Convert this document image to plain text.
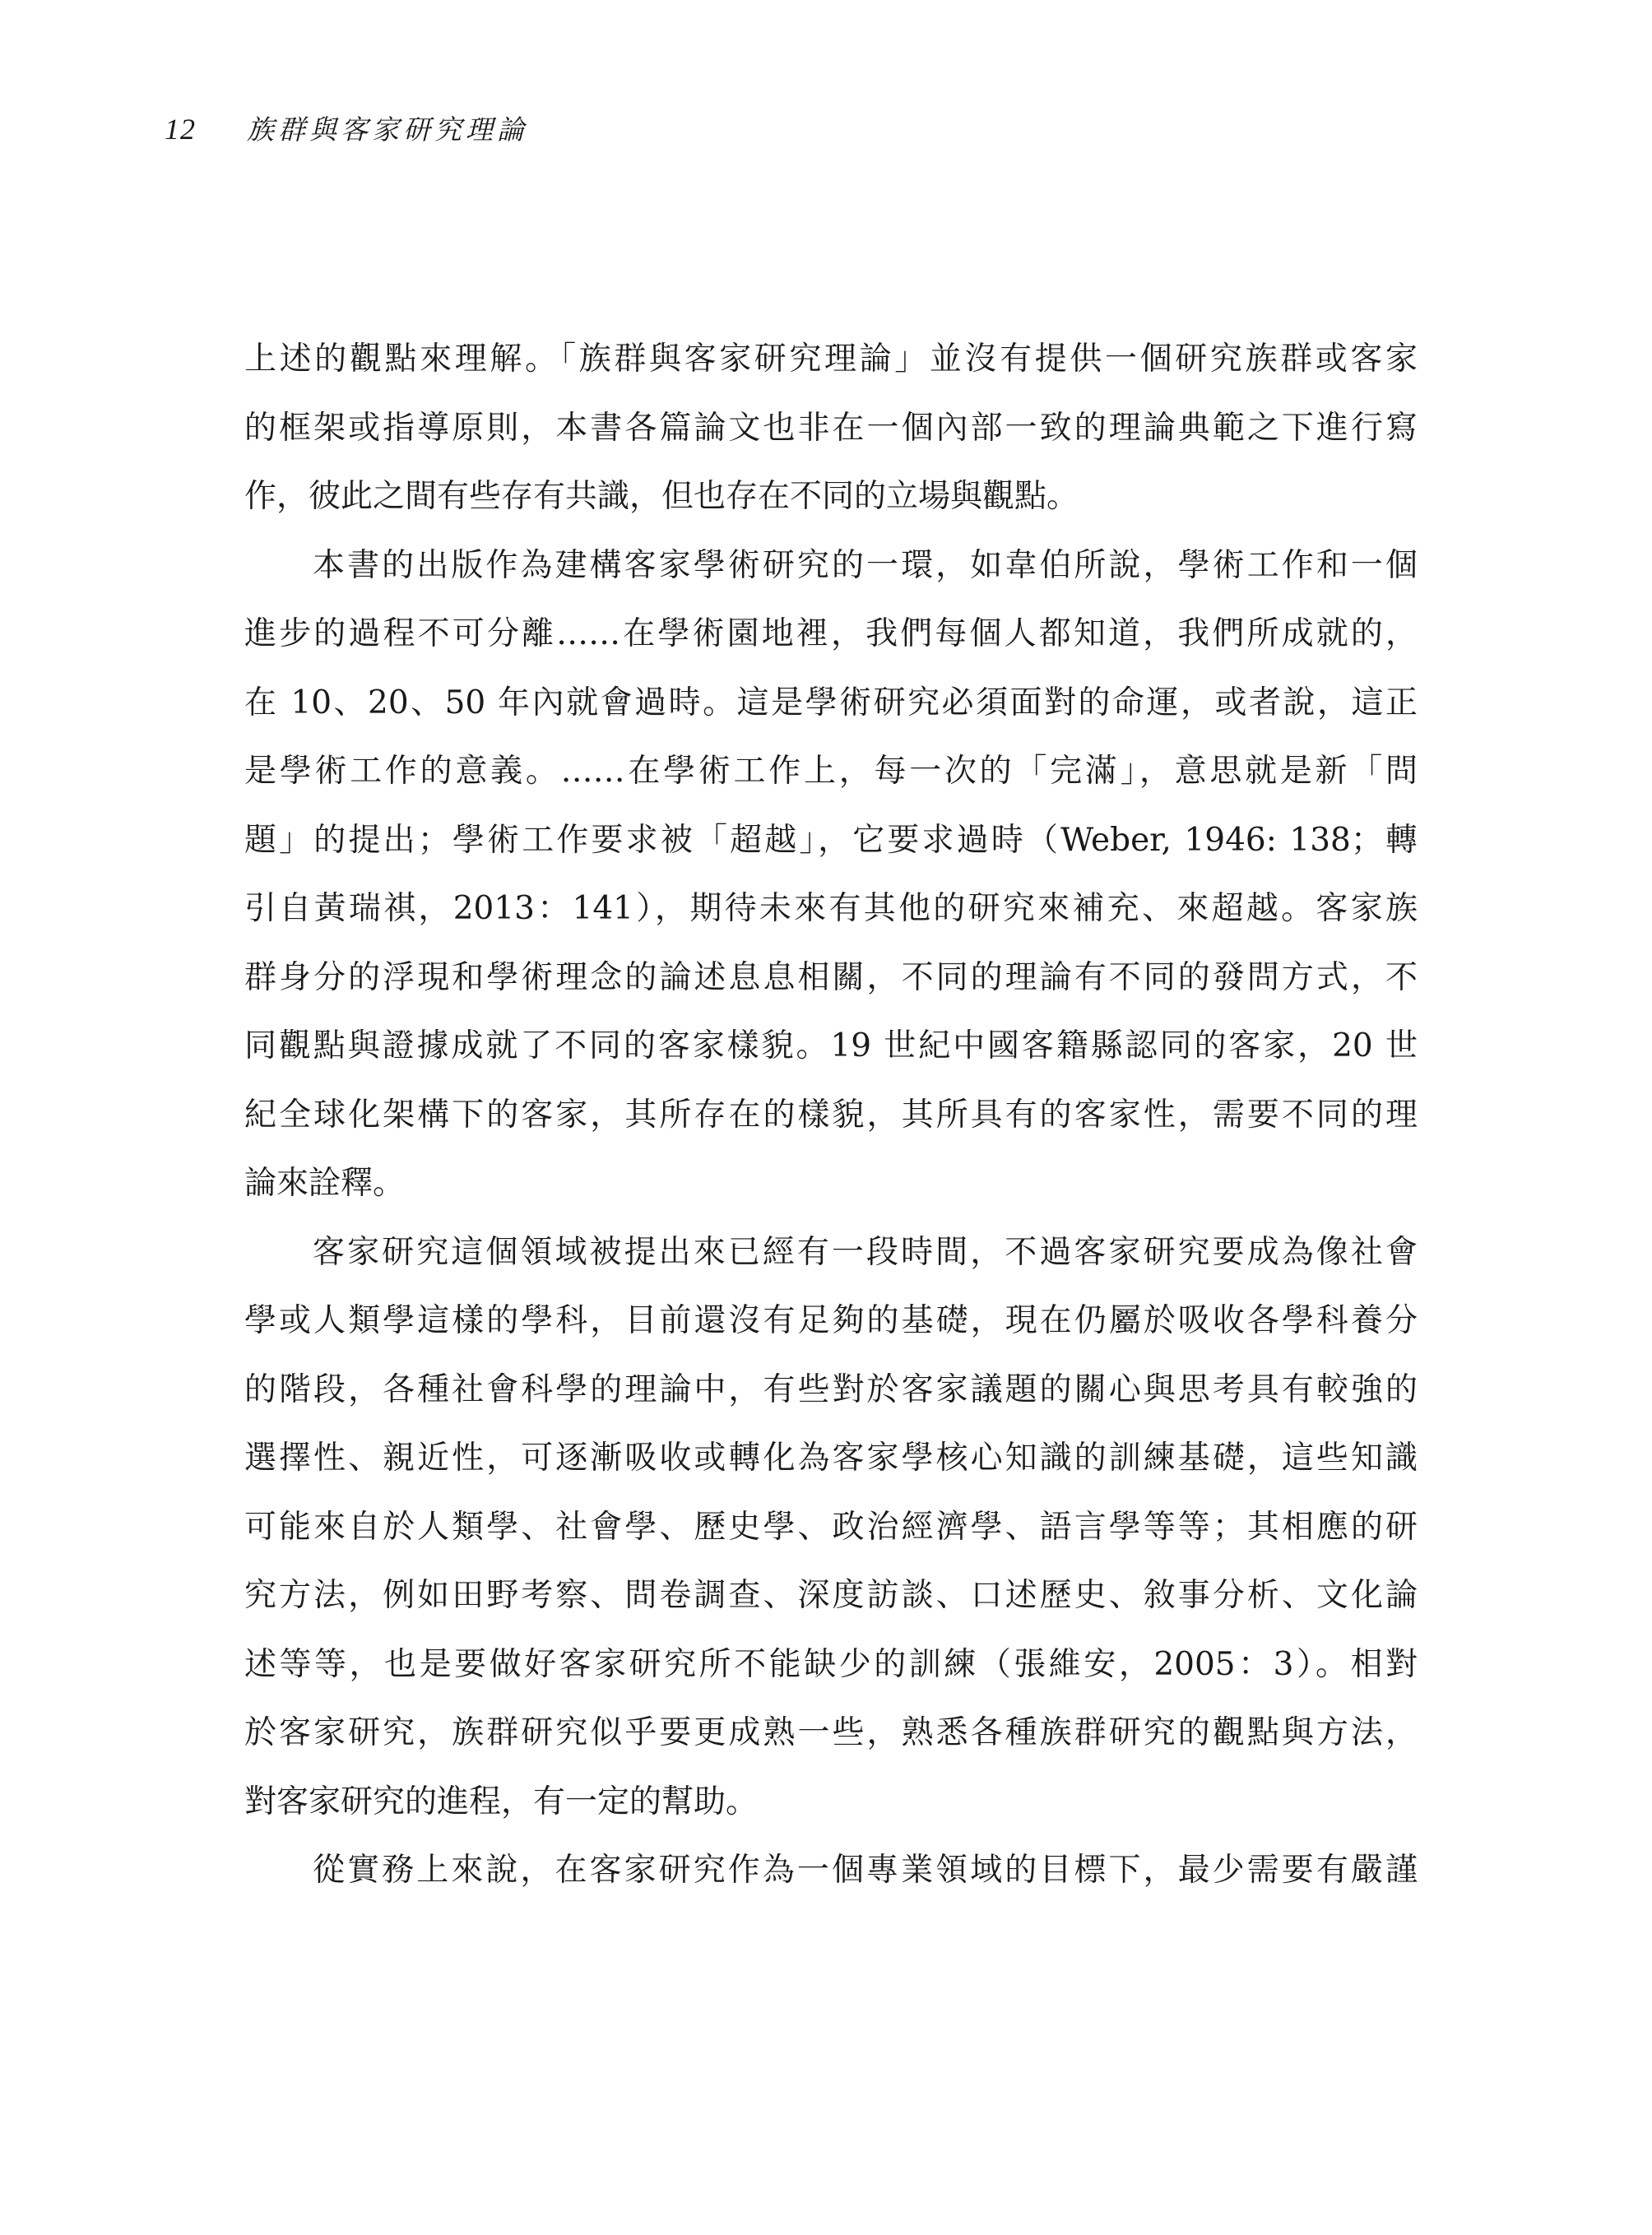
12	族群與客家研究理論
上述的觀點來理解。「族群與客家研究理論」並沒有提供一個研究族群或客家
的框架或指導原則，本書各篇論文也非在一個內部一致的理論典範之下進行寫
作，彼此之間有些存有共識，但也存在不同的立場與觀點。
本書的出版作為建構客家學術研究的一環，如韋伯所說，學術工作和一個
進步的過程不可分離……在學術園地裡，我們每個人都知道，我們所成就的，
在 10、20、50 年內就會過時。這是學術研究必須面對的命運，或者說，這正
是學術工作的意義。……在學術工作上，每一次的「完滿」，意思就是新「問
題」的提出；學術工作要求被「超越」，它要求過時（Weber, 1946: 138；轉
引自黃瑞祺，2013：141），期待未來有其他的研究來補充、來超越。客家族
群身分的浮現和學術理念的論述息息相關，不同的理論有不同的發問方式，不
同觀點與證據成就了不同的客家樣貌。19 世紀中國客籍縣認同的客家，20 世
紀全球化架構下的客家，其所存在的樣貌，其所具有的客家性，需要不同的理
論來詮釋。
客家研究這個領域被提出來已經有一段時間，不過客家研究要成為像社會
學或人類學這樣的學科，目前還沒有足夠的基礎，現在仍屬於吸收各學科養分
的階段，各種社會科學的理論中，有些對於客家議題的關心與思考具有較強的
選擇性、親近性，可逐漸吸收或轉化為客家學核心知識的訓練基礎，這些知識
可能來自於人類學、社會學、歷史學、政治經濟學、語言學等等；其相應的研
究方法，例如田野考察、問卷調查、深度訪談、口述歷史、敘事分析、文化論
述等等，也是要做好客家研究所不能缺少的訓練（張維安，2005：3）。相對
於客家研究，族群研究似乎要更成熟一些，熟悉各種族群研究的觀點與方法，
對客家研究的進程，有一定的幫助。
從實務上來說，在客家研究作為一個專業領域的目標下，最少需要有嚴謹
